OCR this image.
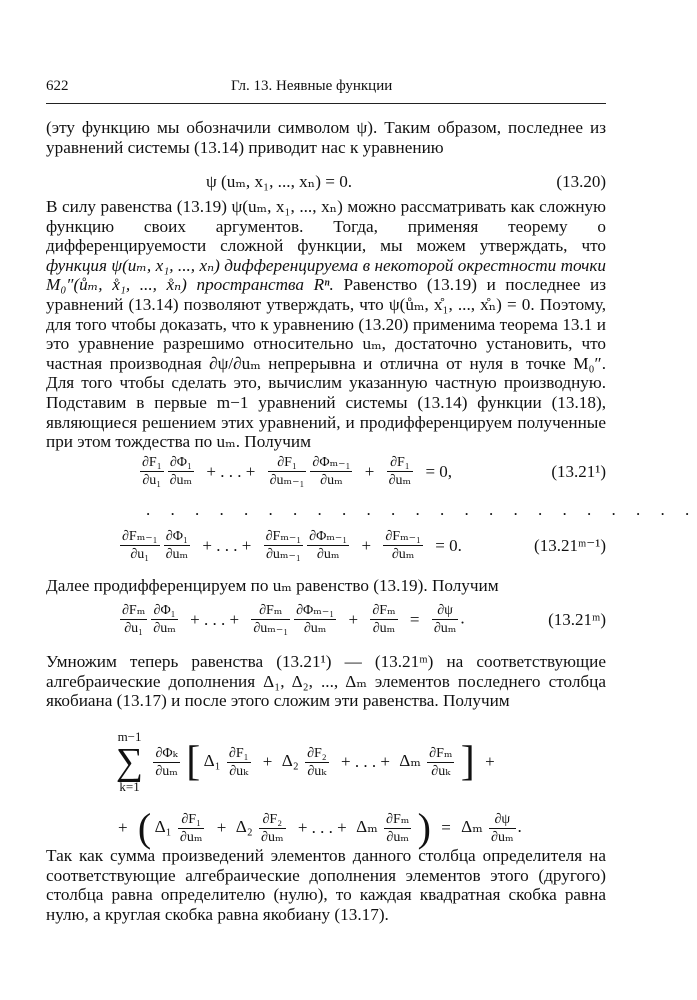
622	Гл. 13. Неявные функции
(эту функцию мы обозначили символом ψ). Таким образом, последнее из уравнений системы (13.14) приводит нас к уравнению
ψ (uₘ, x₁, ..., xₙ) = 0.	(13.20)
В силу равенства (13.19) ψ(uₘ, x₁, ..., xₙ) можно рассматривать как сложную функцию своих аргументов. Тогда, применяя теорему о дифференцируемости сложной функции, мы можем утверждать, что функция ψ(uₘ, x₁, ..., xₙ) дифференцируема в некоторой окрестности точки M₀″(ůₘ, x̊₁, ..., x̊ₙ) пространства Rⁿ. Равенство (13.19) и последнее из уравнений (13.14) позволяют утверждать, что ψ(ůₘ, x̊₁, ..., x̊ₙ) = 0. Поэтому, для того чтобы доказать, что к уравнению (13.20) применима теорема 13.1 и это уравнение разрешимо относительно uₘ, достаточно установить, что частная производная ∂ψ/∂uₘ непрерывна и отлична от нуля в точке M₀″. Для того чтобы сделать это, вычислим указанную частную производную. Подставим в первые m−1 уравнений системы (13.14) функции (13.18), являющиеся решением этих уравнений, и продифференцируем полученные при этом тождества по uₘ. Получим
$\frac{\text{∂F₁}}{\text{∂u₁}} \frac{\text{∂Φ₁}}{\text{∂uₘ}}$ + . . . + $\frac{\text{∂F₁}}{\text{∂uₘ₋₁}} \frac{\text{∂Φₘ₋₁}}{\text{∂uₘ}} + \frac{\text{∂F₁}}{\text{∂uₘ}} = 0$,	(13.21¹)
. . . . . . . . . . . . . . . . . . . . . . .
$\frac{\text{∂Fₘ₋₁}}{\text{∂u₁}} \frac{\text{∂Φ₁}}{\text{∂uₘ}}$ + . . . + $\frac{\text{∂Fₘ₋₁}}{\text{∂uₘ₋₁}} \frac{\text{∂Φₘ₋₁}}{\text{∂uₘ}} + \frac{\text{∂Fₘ₋₁}}{\text{∂uₘ}} = 0$.	(13.21ᵐ⁻¹)
Далее продифференцируем по uₘ равенство (13.19). Получим
$\frac{\text{∂Fₘ}}{\text{∂u₁}} \frac{\text{∂Φ₁}}{\text{∂uₘ}}$ + . . . + $\frac{\text{∂Fₘ}}{\text{∂uₘ₋₁}} \frac{\text{∂Φₘ₋₁}}{\text{∂uₘ}} + \frac{\text{∂Fₘ}}{\text{∂uₘ}} = \frac{\partial\psi}{\text{∂uₘ}}$ .	(13.21ᵐ)
Умножим теперь равенства (13.21¹) — (13.21ᵐ) на соответствующие алгебраические дополнения Δ₁, Δ₂, ..., Δₘ элементов последнего столбца якобиана (13.17) и после этого сложим эти равенства. Получим
m−1
∑
k=1
$\frac{\text{∂Φₖ}}{\text{∂uₘ}}$ [ $\Delta_1 \frac{\text{∂F₁}}{\text{∂uₖ}} + \Delta_2 \frac{\text{∂F₂}}{\text{∂uₖ}}$ + . . . + Δₘ $\frac{\text{∂Fₘ}}{\text{∂uₖ}}$ ] +
+ ( $\Delta_1 \frac{\text{∂F₁}}{\text{∂uₘ}} + \Delta_2 \frac{\text{∂F₂}}{\text{∂uₘ}}$ + . . . + Δₘ $\frac{\text{∂Fₘ}}{\text{∂uₘ}}$ ) = Δₘ $\frac{\partial\psi}{\text{∂uₘ}}$ .
Так как сумма произведений элементов данного столбца определителя на соответствующие алгебраические дополнения элементов этого (другого) столбца равна определителю (нулю), то каждая квадратная скобка равна нулю, а круглая скобка равна якобиану (13.17).
